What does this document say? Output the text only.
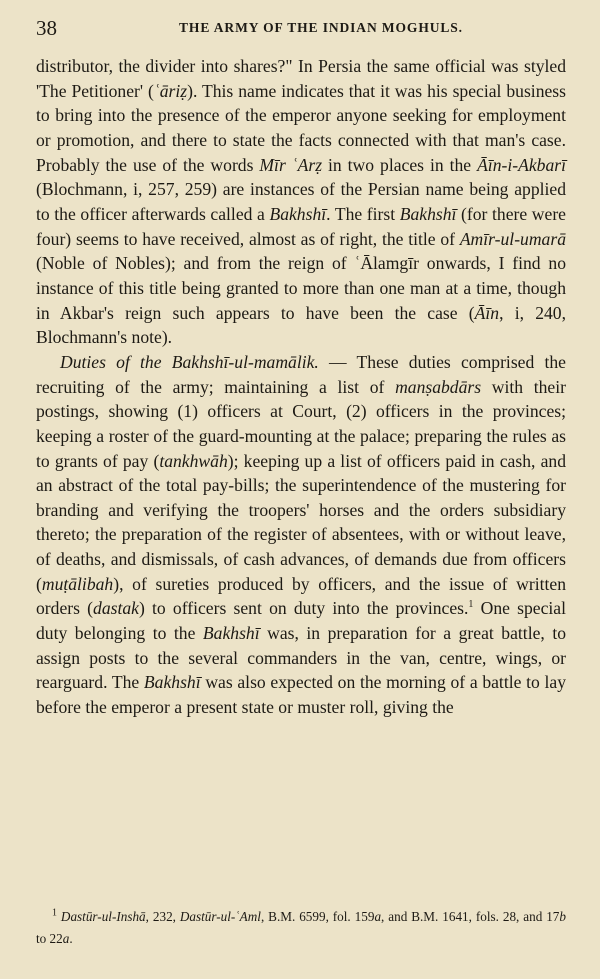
38	THE ARMY OF THE INDIAN MOGHULS.

distributor, the divider into shares?" In Persia the same official was styled 'The Petitioner' (ʿāriẓ). This name indicates that it was his special business to bring into the presence of the emperor anyone seeking for employment or promotion, and there to state the facts connected with that man's case. Probably the use of the words Mīr ʿArẓ in two places in the Āīn-i-Akbarī (Blochmann, i, 257, 259) are instances of the Persian name being applied to the officer afterwards called a Bakhshī. The first Bakhshī (for there were four) seems to have received, almost as of right, the title of Amīr-ul-umarā (Noble of Nobles); and from the reign of ʿĀlamgīr onwards, I find no instance of this title being granted to more than one man at a time, though in Akbar's reign such appears to have been the case (Āīn, i, 240, Blochmann's note).

Duties of the Bakhshī-ul-mamālik. — These duties comprised the recruiting of the army; maintaining a list of manṣabdārs with their postings, showing (1) officers at Court, (2) officers in the provinces; keeping a roster of the guard-mounting at the palace; preparing the rules as to grants of pay (tankhwāh); keeping up a list of officers paid in cash, and an abstract of the total pay-bills; the superintendence of the mustering for branding and verifying the troopers' horses and the orders subsidiary thereto; the preparation of the register of absentees, with or without leave, of deaths, and dismissals, of cash advances, of demands due from officers (muṭālibah), of sureties produced by officers, and the issue of written orders (dastak) to officers sent on duty into the provinces.$^1$ One special duty belonging to the Bakhshī was, in preparation for a great battle, to assign posts to the several commanders in the van, centre, wings, or rearguard. The Bakhshī was also expected on the morning of a battle to lay before the emperor a present state or muster roll, giving the

$^1$ Dastūr-ul-Inshā, 232, Dastūr-ul-ʿAml, B.M. 6599, fol. 159a, and B.M. 1641, fols. 28, and 17b to 22a.
